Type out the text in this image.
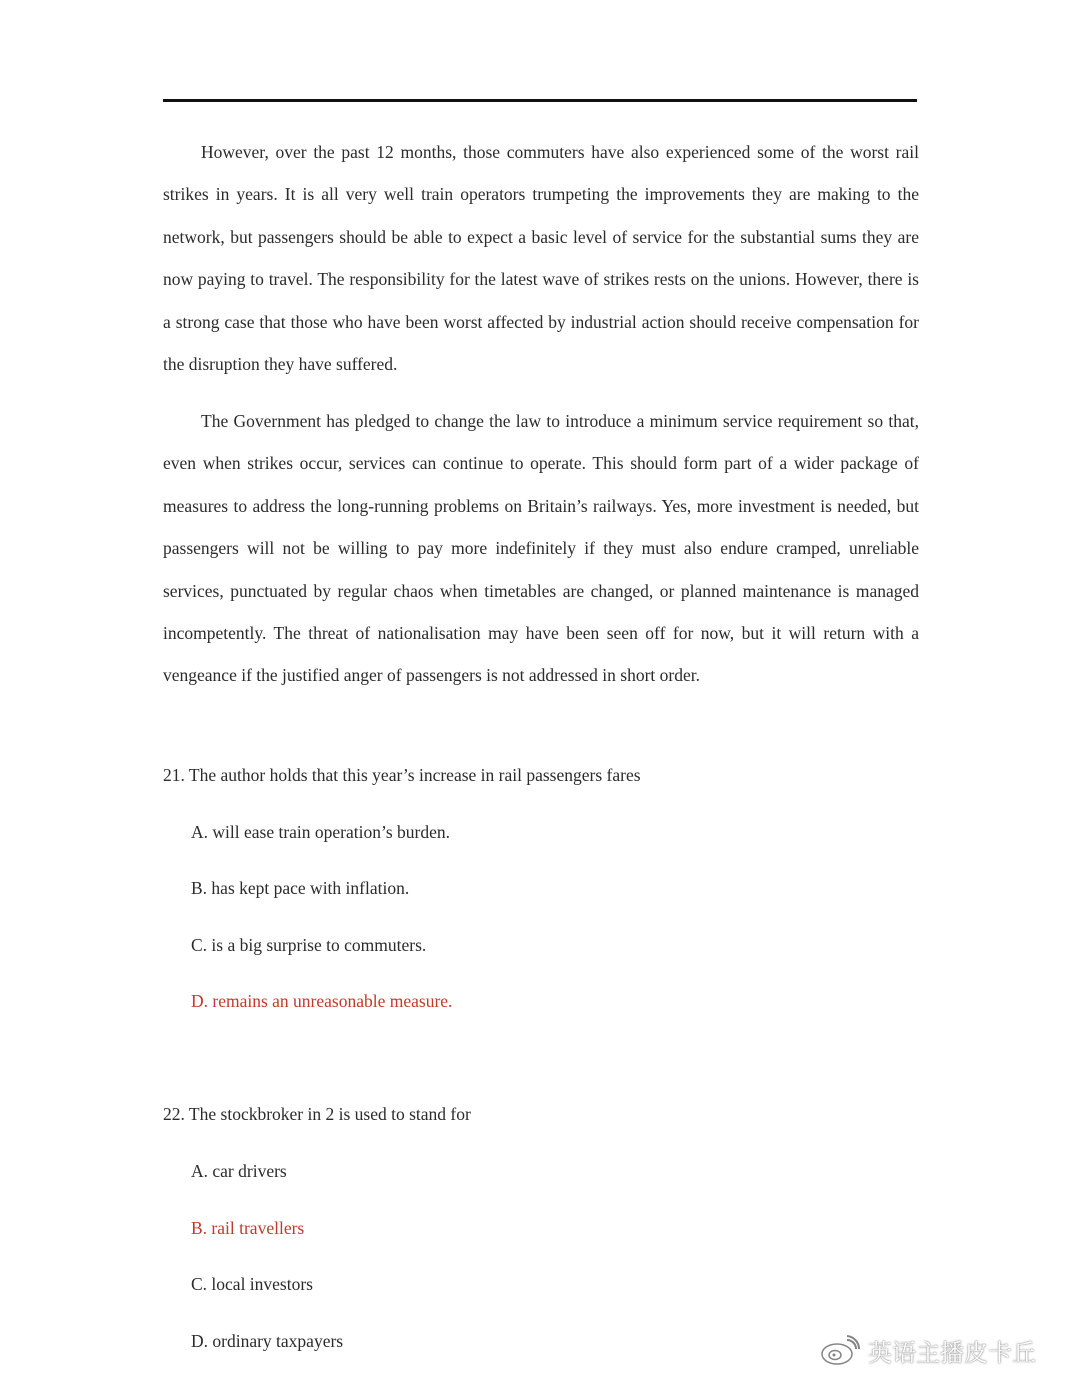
However, over the past 12 months, those commuters have also experienced some of the worst rail strikes in years. It is all very well train operators trumpeting the improvements they are making to the network, but passengers should be able to expect a basic level of service for the substantial sums they are now paying to travel. The responsibility for the latest wave of strikes rests on the unions. However, there is a strong case that those who have been worst affected by industrial action should receive compensation for the disruption they have suffered.

The Government has pledged to change the law to introduce a minimum service requirement so that, even when strikes occur, services can continue to operate. This should form part of a wider package of measures to address the long-running problems on Britain’s railways. Yes, more investment is needed, but passengers will not be willing to pay more indefinitely if they must also endure cramped, unreliable services, punctuated by regular chaos when timetables are changed, or planned maintenance is managed incompetently. The threat of nationalisation may have been seen off for now, but it will return with a vengeance if the justified anger of passengers is not addressed in short order.

21. The author holds that this year’s increase in rail passengers fares

A. will ease train operation’s burden.

B. has kept pace with inflation.

C. is a big surprise to commuters.

D. remains an unreasonable measure.

22. The stockbroker in 2 is used to stand for

A. car drivers

B. rail travellers

C. local investors

D. ordinary taxpayers	英语主播皮卡丘
